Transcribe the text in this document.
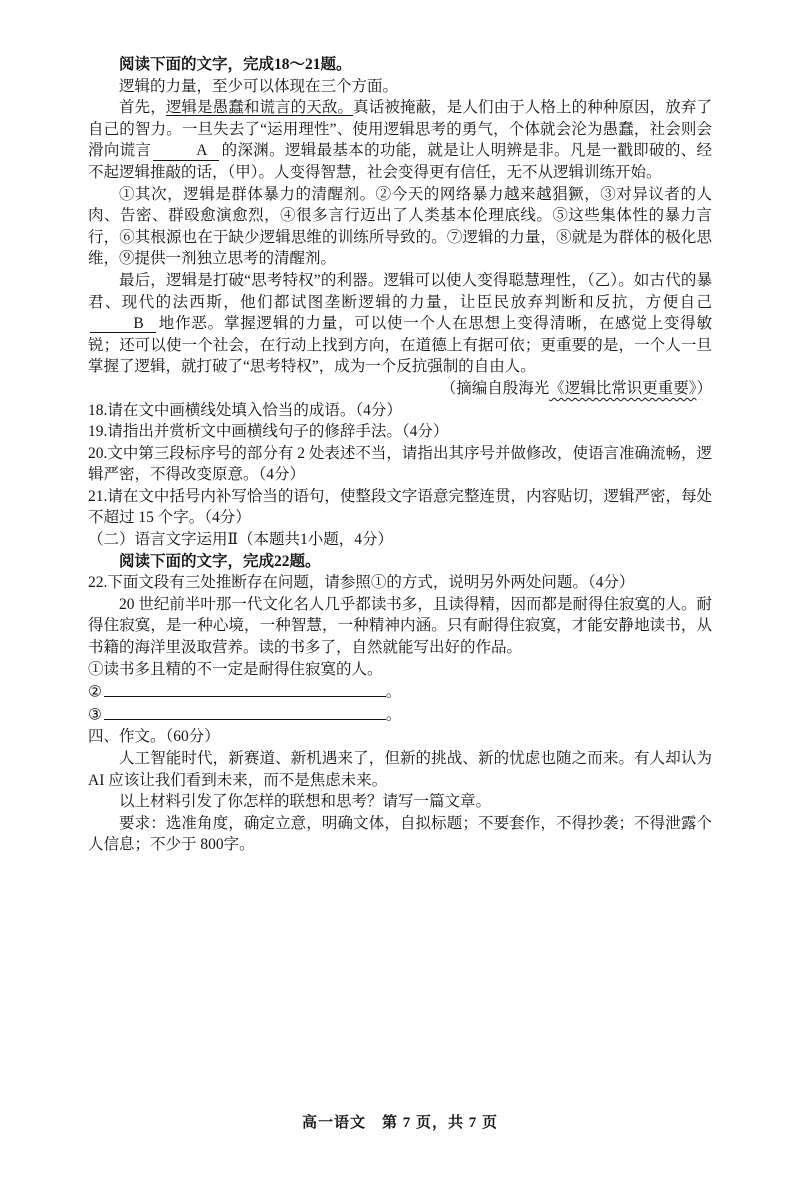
阅读下面的文字，完成18～21题。

逻辑的力量，至少可以体现在三个方面。

首先，逻辑是愚蠢和谎言的天敌。真话被掩蔽，是人们由于人格上的种种原因，放弃了自己的智力。一旦失去了“运用理性”、使用逻辑思考的勇气，个体就会沦为愚蠢，社会则会滑向谎言	A 的深渊。逻辑最基本的功能，就是让人明辨是非。凡是一戳即破的、经不起逻辑推敲的话，（甲）。人变得智慧，社会变得更有信任，无不从逻辑训练开始。

①其次，逻辑是群体暴力的清醒剂。②今天的网络暴力越来越猖獗，③对异议者的人肉、告密、群殴愈演愈烈，④很多言行迈出了人类基本伦理底线。⑤这些集体性的暴力言行，⑥其根源也在于缺少逻辑思维的训练所导致的。⑦逻辑的力量，⑧就是为群体的极化思维，⑨提供一剂独立思考的清醒剂。

最后，逻辑是打破“思考特权”的利器。逻辑可以使人变得聪慧理性，（乙）。如古代的暴君、现代的法西斯，他们都试图垄断逻辑的力量，让臣民放弃判断和反抗，方便自己B 地作恶。掌握逻辑的力量，可以使一个人在思想上变得清晰，在感觉上变得敏锐；还可以使一个社会，在行动上找到方向，在道德上有据可依；更重要的是，一个人一旦掌握了逻辑，就打破了“思考特权”，成为一个反抗强制的自由人。

（摘编自殷海光《逻辑比常识更重要》）

18.请在文中画横线处填入恰当的成语。（4分）

19.请指出并赏析文中画横线句子的修辞手法。（4分）

20.文中第三段标序号的部分有 2 处表述不当，请指出其序号并做修改，使语言准确流畅，逻辑严密，不得改变原意。（4分）

21.请在文中括号内补写恰当的语句，使整段文字语意完整连贯，内容贴切，逻辑严密，每处不超过 15 个字。（4分）

（二）语言文字运用Ⅱ（本题共1小题，4分）

阅读下面的文字，完成22题。

22.下面文段有三处推断存在问题，请参照①的方式，说明另外两处问题。（4分）

20 世纪前半叶那一代文化名人几乎都读书多，且读得精，因而都是耐得住寂寞的人。耐得住寂寞，是一种心境，一种智慧，一种精神内涵。只有耐得住寂寞，才能安静地读书，从书籍的海洋里汲取营养。读的书多了，自然就能写出好的作品。

①读书多且精的不一定是耐得住寂寞的人。

②	。

③	。

四、作文。（60分）

人工智能时代，新赛道、新机遇来了，但新的挑战、新的忧虑也随之而来。有人却认为AI 应该让我们看到未来，而不是焦虑未来。

以上材料引发了你怎样的联想和思考？请写一篇文章。

要求：选准角度，确定立意，明确文体，自拟标题；不要套作，不得抄袭；不得泄露个人信息；不少于 800字。

高一语文　第 7 页，共 7 页
